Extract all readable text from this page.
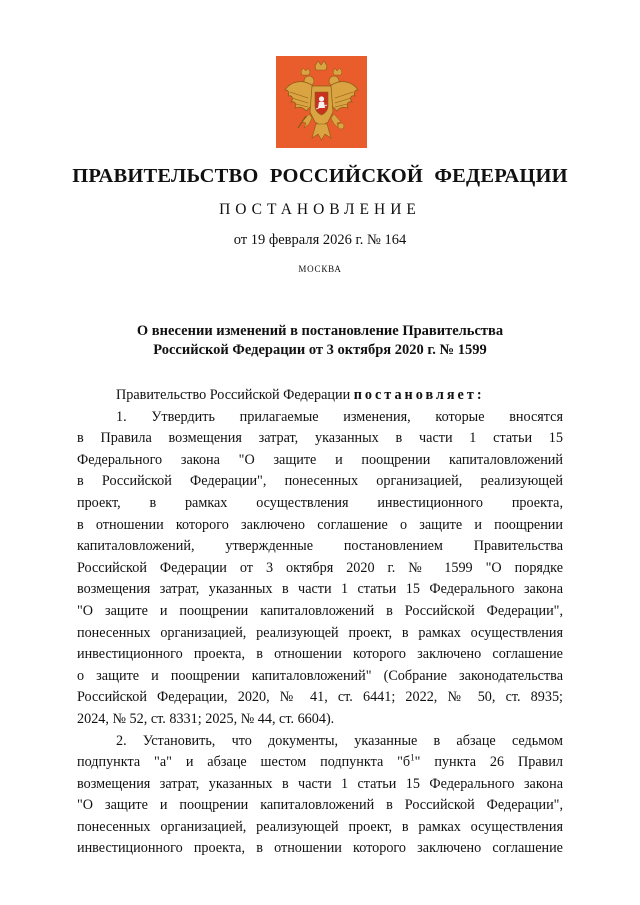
ПРАВИТЕЛЬСТВО РОССИЙСКОЙ ФЕДЕРАЦИИ
ПОСТАНОВЛЕНИЕ
от 19 февраля 2026 г. № 164
МОСКВА
О внесении изменений в постановление Правительства
Российской Федерации от 3 октября 2020 г. № 1599
Правительство Российской Федерации постановляет:
1. Утвердить прилагаемые изменения, которые вносятся
в Правила возмещения затрат, указанных в части 1 статьи 15
Федерального закона "О защите и поощрении капиталовложений
в Российской Федерации", понесенных организацией, реализующей
проект, в рамках осуществления инвестиционного проекта,
в отношении которого заключено соглашение о защите и поощрении
капиталовложений, утвержденные постановлением Правительства
Российской Федерации от 3 октября 2020 г. № 1599 "О порядке
возмещения затрат, указанных в части 1 статьи 15 Федерального закона
"О защите и поощрении капиталовложений в Российской Федерации",
понесенных организацией, реализующей проект, в рамках осуществления
инвестиционного проекта, в отношении которого заключено соглашение
о защите и поощрении капиталовложений" (Собрание законодательства
Российской Федерации, 2020, № 41, ст. 6441; 2022, № 50, ст. 8935;
2024, № 52, ст. 8331; 2025, № 44, ст. 6604).
2. Установить, что документы, указанные в абзаце седьмом
подпункта "а" и абзаце шестом подпункта "$б^1$" пункта 26 Правил
возмещения затрат, указанных в части 1 статьи 15 Федерального закона
"О защите и поощрении капиталовложений в Российской Федерации",
понесенных организацией, реализующей проект, в рамках осуществления
инвестиционного проекта, в отношении которого заключено соглашение
